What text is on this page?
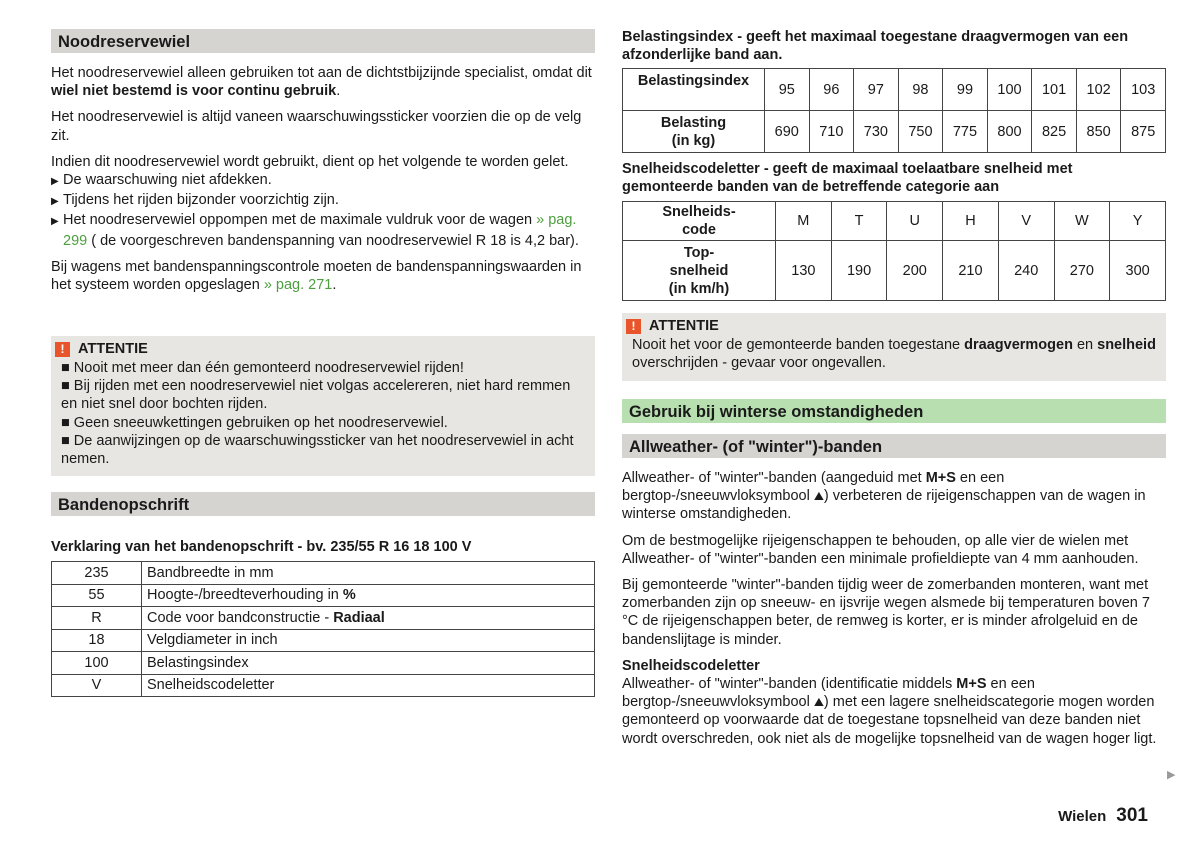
Noodreservewiel

Het noodreservewiel alleen gebruiken tot aan de dichtstbijzijnde specialist, omdat dit wiel niet bestemd is voor continu gebruik.

Het noodreservewiel is altijd vaneen waarschuwingssticker voorzien die op de velg zit.

Indien dit noodreservewiel wordt gebruikt, dient op het volgende te worden gelet.

▶ De waarschuwing niet afdekken.

▶ Tijdens het rijden bijzonder voorzichtig zijn.

▶ Het noodreservewiel oppompen met de maximale vuldruk voor de wagen » pag. 299 ( de voorgeschreven bandenspanning van noodreservewiel R 18 is 4,2 bar).

Bij wagens met bandenspanningscontrole moeten de bandenspanningswaarden in het systeem worden opgeslagen » pag. 271.

! ATTENTIE

■ Nooit met meer dan één gemonteerd noodreservewiel rijden!

■ Bij rijden met een noodreservewiel niet volgas accelereren, niet hard remmen en niet snel door bochten rijden.

■ Geen sneeuwkettingen gebruiken op het noodreservewiel.

■ De aanwijzingen op de waarschuwingssticker van het noodreservewiel in acht nemen.

Bandenopschrift

Verklaring van het bandenopschrift - bv. 235/55 R 16 18 100 V

235	Bandbreedte in mm
55	Hoogte-/breedteverhouding in %
R	Code voor bandconstructie - Radiaal
18	Velgdiameter in inch
100	Belastingsindex
V	Snelheidscodeletter

Belastingsindex - geeft het maximaal toegestane draagvermogen van een afzonderlijke band aan.

Belastingsindex	95	96	97	98	99	100	101	102	103

Belasting
(in kg)	690	710	730	750	775	800	825	850	875

Snelheidscodeletter - geeft de maximaal toelaatbare snelheid met gemonteerde banden van de betreffende categorie aan

Snelheids-
code	M	T	U	H	V	W	Y

Top-
snelheid
(in km/h)	130	190	200	210	240	270	300
! ATTENTIE

Nooit het voor de gemonteerde banden toegestane draagvermogen en snelheid overschrijden - gevaar voor ongevallen.

Gebruik bij winterse omstandigheden
Allweather- (of "winter")-banden

Allweather- of "winter"-banden (aangeduid met M+S en een bergtop-/sneeuwvloksymbool ⛰) verbeteren de rijeigenschappen van de wagen in winterse omstandigheden.

Om de bestmogelijke rijeigenschappen te behouden, op alle vier de wielen met Allweather- of "winter"-banden een minimale profieldiepte van 4 mm aanhouden.

Bij gemonteerde "winter"-banden tijdig weer de zomerbanden monteren, want met zomerbanden zijn op sneeuw- en ijsvrije wegen alsmede bij temperaturen boven 7 °C de rijeigenschappen beter, de remweg is korter, er is minder afrolgeluid en de bandenslijtage is minder.

Snelheidscodeletter

Allweather- of "winter"-banden (identificatie middels M+S en een bergtop-/sneeuwvloksymbool ⛰) met een lagere snelheidscategorie mogen worden gemonteerd op voorwaarde dat de toegestane topsnelheid van deze banden niet wordt overschreden, ook niet als de mogelijke topsnelheid van de wagen hoger ligt.

▶
Wielen 301
